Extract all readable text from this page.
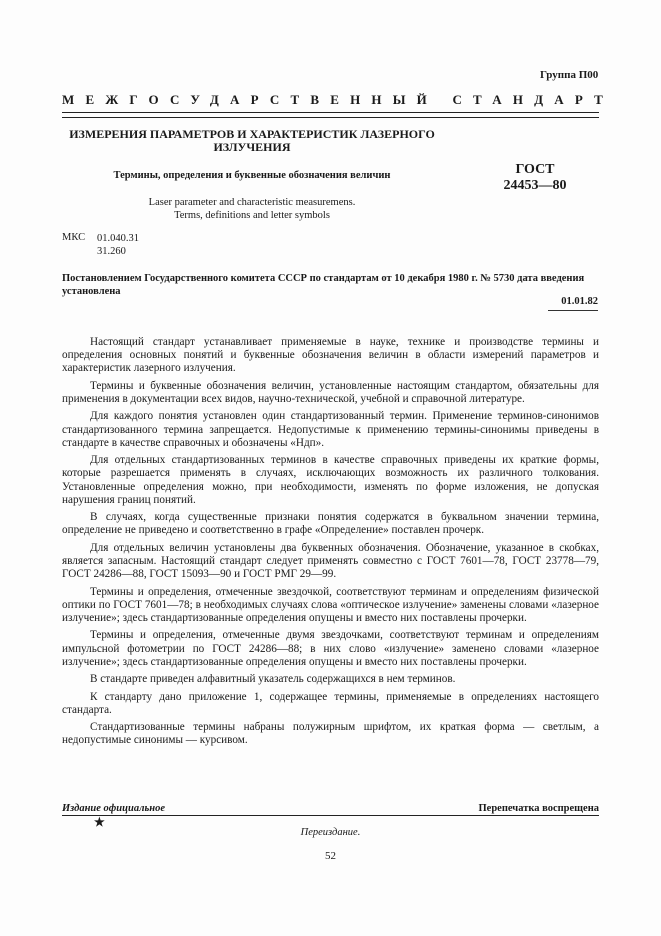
Группа П00
МЕЖГОСУДАРСТВЕННЫЙ СТАНДАРТ
ИЗМЕРЕНИЯ ПАРАМЕТРОВ И ХАРАКТЕРИСТИК ЛАЗЕРНОГО ИЗЛУЧЕНИЯ
Термины, определения и буквенные обозначения величин	ГОСТ
24453—80
Laser parameter and characteristic measuremens.
Terms, definitions and letter symbols
МКС 01.040.31
31.260
Постановлением Государственного комитета СССР по стандартам от 10 декабря 1980 г. № 5730 дата введения установлена
01.01.82

Настоящий стандарт устанавливает применяемые в науке, технике и производстве термины и определения основных понятий и буквенные обозначения величин в области измерений параметров и характеристик лазерного излучения.

Термины и буквенные обозначения величин, установленные настоящим стандартом, обязательны для применения в документации всех видов, научно-технической, учебной и справочной литературе.

Для каждого понятия установлен один стандартизованный термин. Применение терминов-синонимов стандартизованного термина запрещается. Недопустимые к применению термины-синонимы приведены в стандарте в качестве справочных и обозначены «Ндп».

Для отдельных стандартизованных терминов в качестве справочных приведены их краткие формы, которые разрешается применять в случаях, исключающих возможность их различного толкования. Установленные определения можно, при необходимости, изменять по форме изложения, не допуская нарушения границ понятий.

В случаях, когда существенные признаки понятия содержатся в буквальном значении термина, определение не приведено и соответственно в графе «Определение» поставлен прочерк.

Для отдельных величин установлены два буквенных обозначения. Обозначение, указанное в скобках, является запасным. Настоящий стандарт следует применять совместно с ГОСТ 7601—78, ГОСТ 23778—79, ГОСТ 24286—88, ГОСТ 15093—90 и ГОСТ РМГ 29—99.

Термины и определения, отмеченные звездочкой, соответствуют терминам и определениям физической оптики по ГОСТ 7601—78; в необходимых случаях слова «оптическое излучение» заменены словами «лазерное излучение»; здесь стандартизованные определения опущены и вместо них поставлены прочерки.

Термины и определения, отмеченные двумя звездочками, соответствуют терминам и определениям импульсной фотометрии по ГОСТ 24286—88; в них слово «излучение» заменено словами «лазерное излучение»; здесь стандартизованные определения опущены и вместо них поставлены прочерки.

В стандарте приведен алфавитный указатель содержащихся в нем терминов.

К стандарту дано приложение 1, содержащее термины, применяемые в определениях настоящего стандарта.

Стандартизованные термины набраны полужирным шрифтом, их краткая форма — светлым, а недопустимые синонимы — курсивом.

Издание официальное	Перепечатка воспрещена
★
Переиздание.
52
